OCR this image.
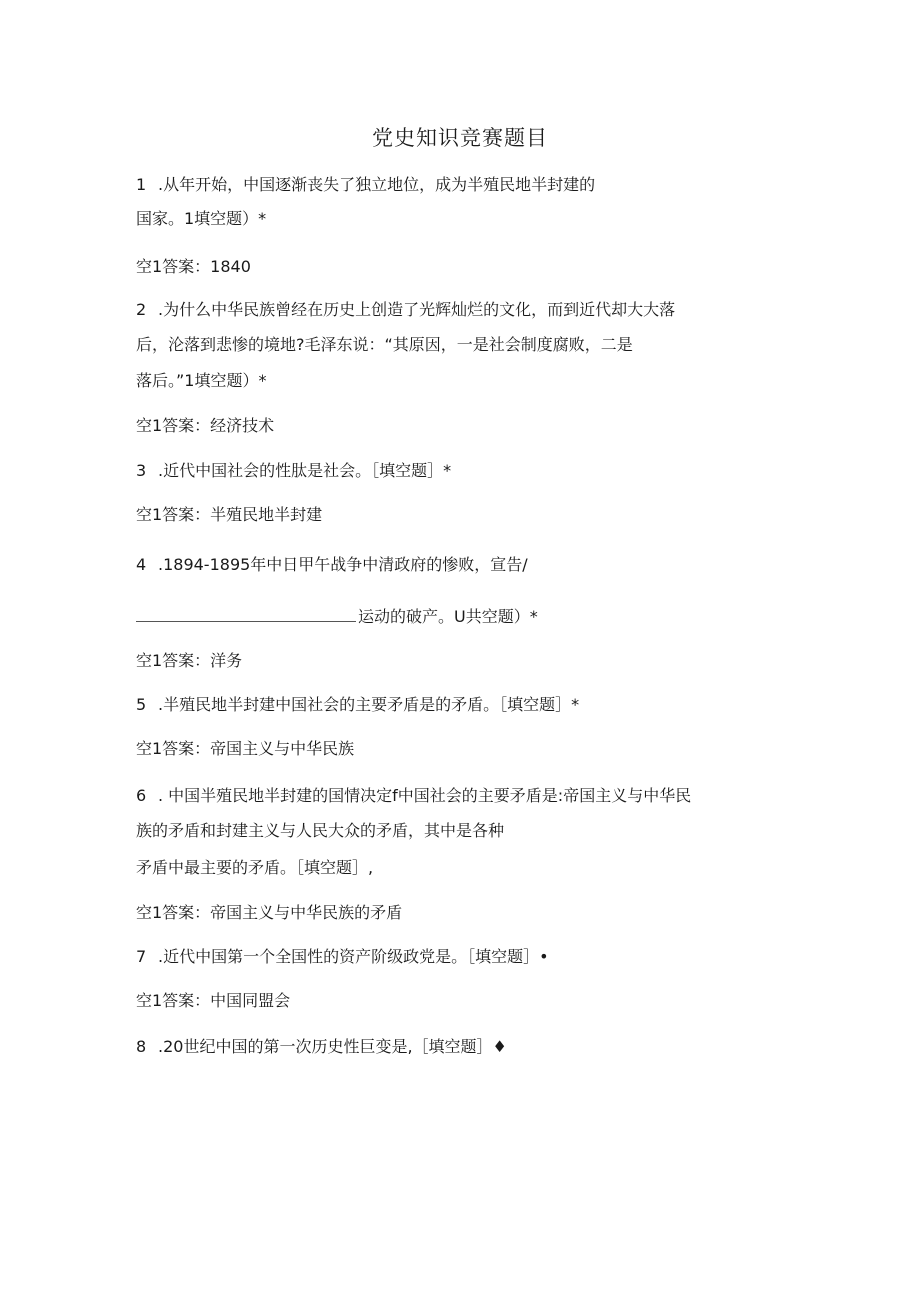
党史知识竞赛题目
1 .从年开始，中国逐渐丧失了独立地位，成为半殖民地半封建的
国家。1填空题）*
空1答案：1840
2 .为什么中华民族曾经在历史上创造了光辉灿烂的文化，而到近代却大大落
后，沦落到悲惨的境地?毛泽东说：“其原因，一是社会制度腐败，二是
落后。”1填空题）*
空1答案：经济技术
3 .近代中国社会的性肽是社会。［填空题］*
空1答案：半殖民地半封建
4 .1894-1895年中日甲午战争中清政府的惨败，宣告/
运动的破产。U共空题）*
空1答案：洋务
5 .半殖民地半封建中国社会的主要矛盾是的矛盾。［填空题］*
空1答案：帝国主义与中华民族
6 . 中国半殖民地半封建的国情决定f中国社会的主要矛盾是:帝国主义与中华民
族的矛盾和封建主义与人民大众的矛盾，其中是各种
矛盾中最主要的矛盾。［填空题］,
空1答案：帝国主义与中华民族的矛盾
7 .近代中国第一个全国性的资产阶级政党是。［填空题］•
空1答案：中国同盟会
8 .20世纪中国的第一次历史性巨变是,［填空题］♦
